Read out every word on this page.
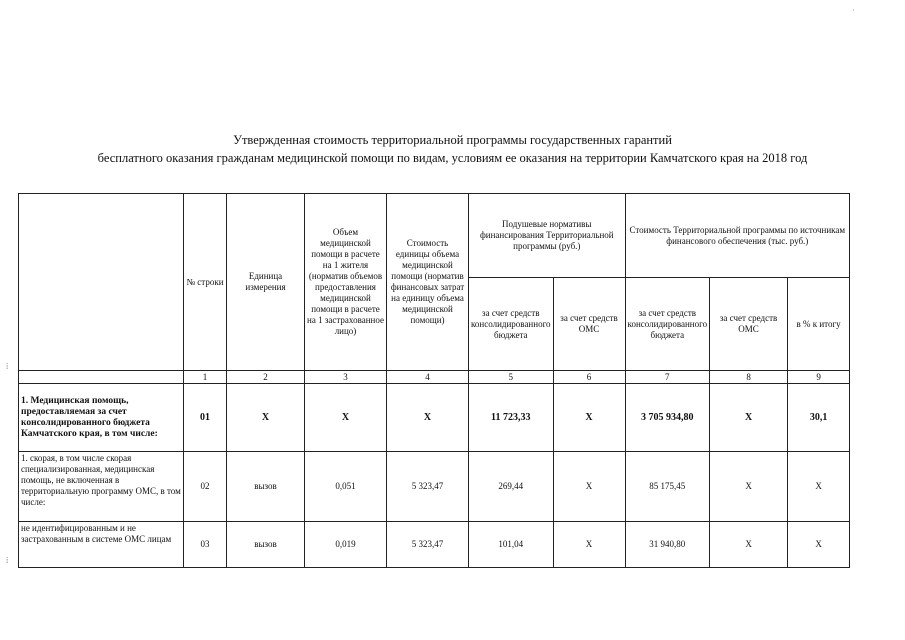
Утвержденная стоимость территориальной программы государственных гарантий
бесплатного оказания гражданам медицинской помощи по видам, условиям ее оказания на территории Камчатского края на 2018 год
·
⁞
⁞
	№ строки	Единица измерения	Объем медицинской помощи в расчете на 1 жителя (норматив объемов предоставления медицинской помощи в расчете на 1 застрахованное лицо)	Стоимость единицы объема медицинской помощи (норматив финансовых затрат на единицу объема медицинской помощи)	Подушевые нормативы финансирования Территориальной программы (руб.)		Стоимость Территориальной программы по источникам финансового обеспечения (тыс. руб.)		
					за счет средств консолидированного бюджета	за счет средств ОМС	за счет средств консолидированного бюджета	за счет средств ОМС	в % к итогу
	1	2	3	4	5	6	7	8	9
1. Медицинская помощь, предоставляемая за счет консолидированного бюджета Камчатского края, в том числе:	01	X	X	X	11 723,33	X	3 705 934,80	X	30,1
1. скорая, в том числе скорая специализированная, медицинская помощь, не включенная в территориальную программу ОМС, в том числе:	02	вызов	0,051	5 323,47	269,44	X	85 175,45	X	X
не идентифицированным и не застрахованным в системе ОМС лицам	03	вызов	0,019	5 323,47	101,04	X	31 940,80	X	X
